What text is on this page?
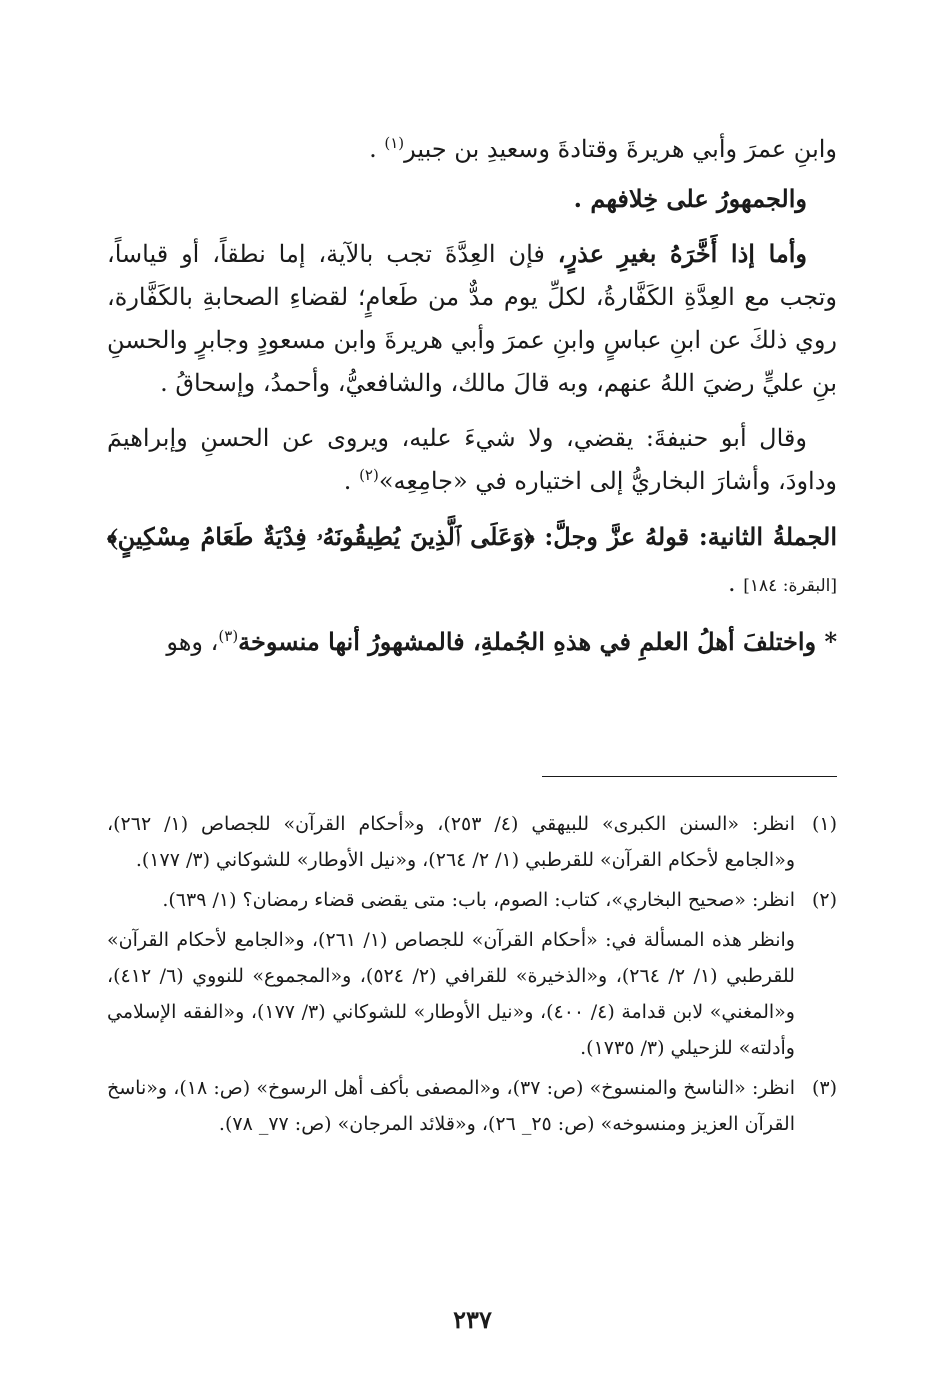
وابنِ عمرَ وأبي هريرةَ وقتادةَ وسعيدِ بن جبير$^{(١)}$ .

والجمهورُ على خِلافهم .

وأما إذا أَخَّرَهُ بغيرِ عذرٍ، فإن العِدَّةَ تجب بالآية، إما نطقاً، أو قياساً، وتجب مع العِدَّةِ الكَفَّارةُ، لكلِّ يوم مدٌّ من طَعامٍ؛ لقضاءِ الصحابةِ بالكَفَّارة، روي ذلكَ عن ابنِ عباسٍ وابنِ عمرَ وأبي هريرةَ وابن مسعودٍ وجابرٍ والحسنِ بنِ عليٍّ رضيَ اللهُ عنهم، وبه قالَ مالك، والشافعيُّ، وأحمدُ، وإسحاقُ .

وقال أبو حنيفةَ: يقضي، ولا شيءَ عليه، ويروى عن الحسنِ وإبراهيمَ وداودَ، وأشارَ البخاريُّ إلى اختياره في «جامِعِه»$^{(٢)}$ .

الجملةُ الثانية: قولهُ عزَّ وجلَّ: ﴿وَعَلَى ٱلَّذِينَ يُطِيقُونَهُۥ فِدْيَةٌ طَعَامُ مِسْكِينٍ﴾ [البقرة: ١٨٤] .

* واختلفَ أهلُ العلمِ في هذهِ الجُملةِ، فالمشهورُ أنها منسوخة$^{(٣)}$، وهو

(١)

انظر: «السنن الكبرى» للبيهقي (٤/ ٢٥٣)، و«أحكام القرآن» للجصاص (١/ ٢٦٢)، و«الجامع لأحكام القرآن» للقرطبي (١/ ٢/ ٢٦٤)، و«نيل الأوطار» للشوكاني (٣/ ١٧٧).

(٢)

انظر: «صحيح البخاري»، كتاب: الصوم، باب: متى يقضى قضاء رمضان؟ (١/ ٦٣٩).

وانظر هذه المسألة في: «أحكام القرآن» للجصاص (١/ ٢٦١)، و«الجامع لأحكام القرآن» للقرطبي (١/ ٢/ ٢٦٤)، و«الذخيرة» للقرافي (٢/ ٥٢٤)، و«المجموع» للنووي (٦/ ٤١٢)، و«المغني» لابن قدامة (٤/ ٤٠٠)، و«نيل الأوطار» للشوكاني (٣/ ١٧٧)، و«الفقه الإسلامي وأدلته» للزحيلي (٣/ ١٧٣٥).

(٣)

انظر: «الناسخ والمنسوخ» (ص: ٣٧)، و«المصفى بأكف أهل الرسوخ» (ص: ١٨)، و«ناسخ القرآن العزيز ومنسوخه» (ص: ٢٥_ ٢٦)، و«قلائد المرجان» (ص: ٧٧_ ٧٨).

٢٣٧
